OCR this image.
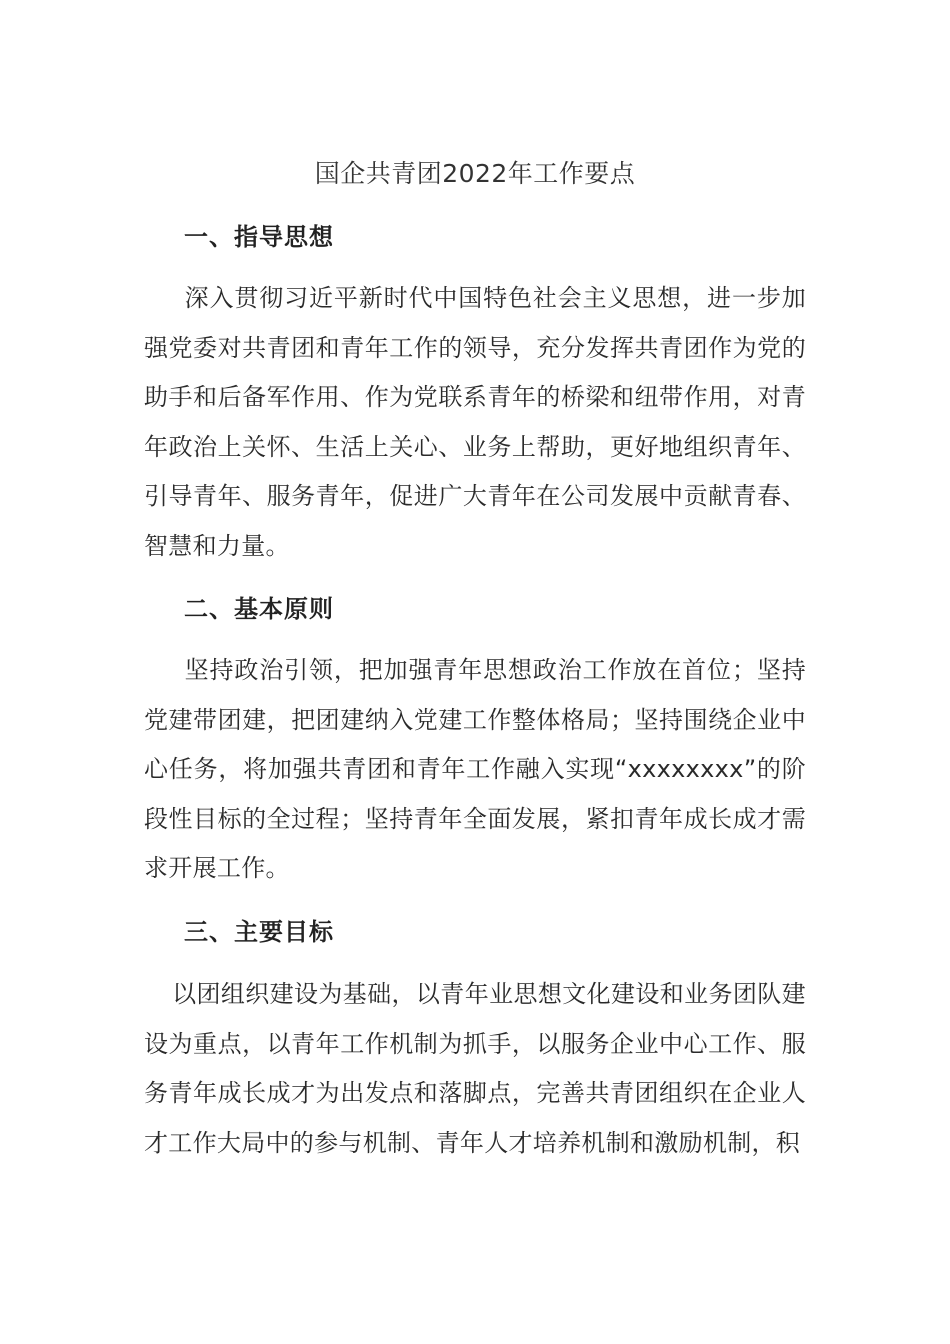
国企共青团2022年工作要点
一、指导思想

深入贯彻习近平新时代中国特色社会主义思想，进一步加强党委对共青团和青年工作的领导，充分发挥共青团作为党的助手和后备军作用、作为党联系青年的桥梁和纽带作用，对青年政治上关怀、生活上关心、业务上帮助，更好地组织青年、引导青年、服务青年，促进广大青年在公司发展中贡献青春、智慧和力量。

二、基本原则

坚持政治引领，把加强青年思想政治工作放在首位；坚持党建带团建，把团建纳入党建工作整体格局；坚持围绕企业中心任务，将加强共青团和青年工作融入实现“xxxxxxxx”的阶段性目标的全过程；坚持青年全面发展，紧扣青年成长成才需求开展工作。

三、主要目标

以团组织建设为基础，以青年业思想文化建设和业务团队建设为重点，以青年工作机制为抓手，以服务企业中心工作、服务青年成长成才为出发点和落脚点，完善共青团组织在企业人才工作大局中的参与机制、青年人才培养机制和激励机制，积
